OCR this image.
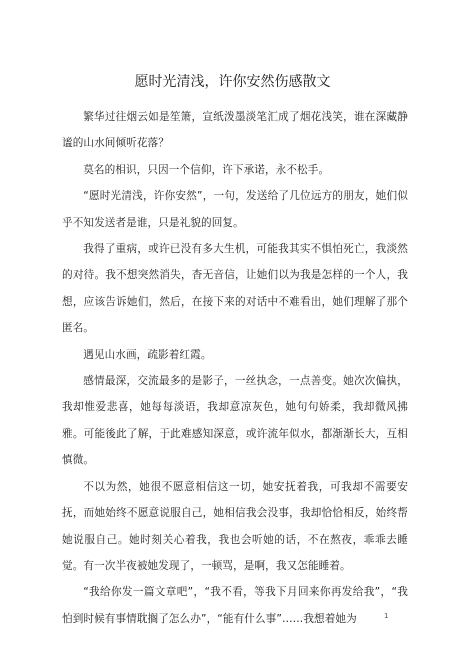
愿时光清浅，许你安然伤感散文

繁华过往烟云如是笙箫，宣纸泼墨淡笔汇成了烟花浅笑，谁在深藏静谧的山水间倾听花落？

莫名的相识，只因一个信仰，许下承诺，永不松手。

“愿时光清浅，许你安然”，一句，发送给了几位远方的朋友，她们似乎不知发送者是谁，只是礼貌的回复。

我得了重病，或许已没有多大生机，可能我其实不惧怕死亡，我淡然的对待。我不想突然消失，杳无音信，让她们以为我是怎样的一个人，我想，应该告诉她们，然后，在接下来的对话中不难看出，她们理解了那个匿名。

遇见山水画，疏影着红霞。

感情最深，交流最多的是影子，一丝执念，一点善变。她次次偏执，我却惟爱悲喜，她每每淡语，我却意凉灰色，她句句娇柔，我却微风拂雅。可能後此了解，于此难感知深意，或许流年似水，都渐渐长大，互相慎微。

不以为然，她很不愿意相信这一切，她安抚着我，可我却不需要安抚，而她始终不愿意说服自己，她相信我会没事，我却恰恰相反，始终帮她说服自己。她时刻关心着我，我也会听她的话，不在熬夜，乖乖去睡觉。有一次半夜被她发现了，一顿骂，是啊，我又怎能睡着。

“我给你发一篇文章吧”，“我不看，等我下月回来你再发给我”，“我怕到时候有事情耽搁了怎么办”，“能有什么事”……我想着她为	1
